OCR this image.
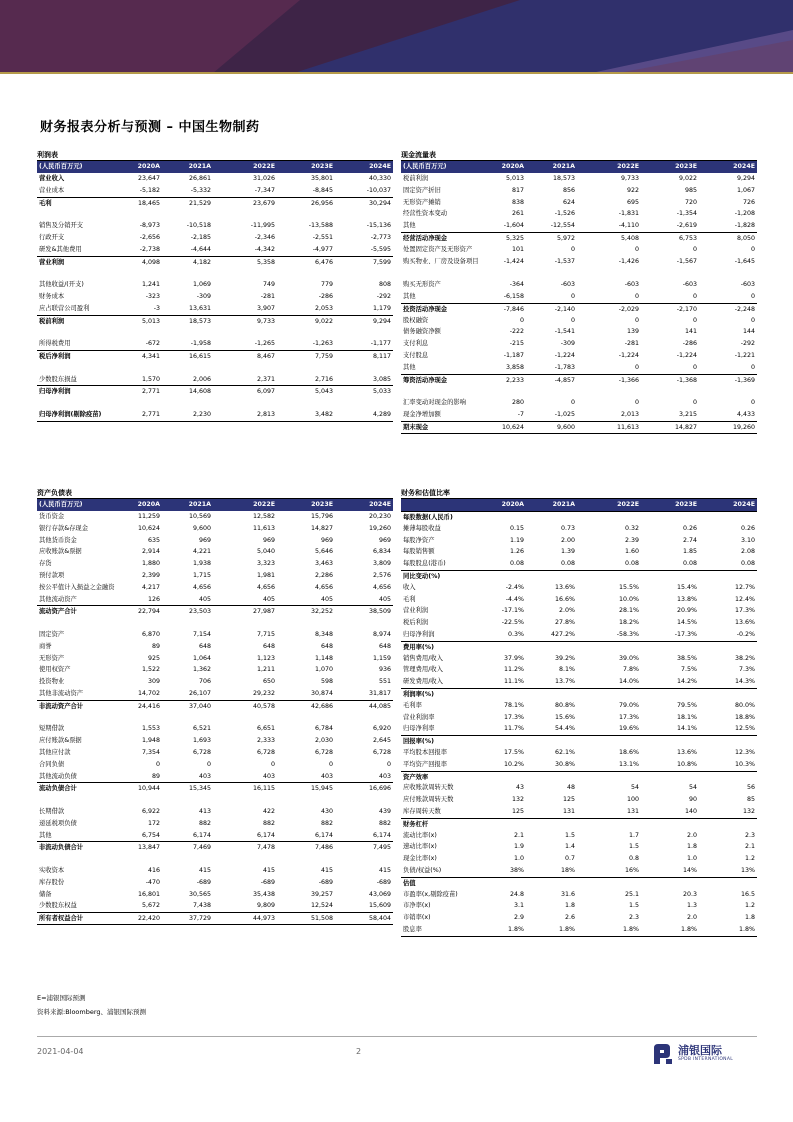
财务报表分析与预测 – 中国生物制药
利润表
(人民币百万元)	2020A	2021A	2022E	2023E	2024E
营业收入	23,647	26,861	31,026	35,801	40,330
营业成本	-5,182	-5,332	-7,347	-8,845	-10,037
毛利	18,465	21,529	23,679	26,956	30,294
销售及分销开支	-8,973	-10,518	-11,995	-13,588	-15,136
行政开支	-2,656	-2,185	-2,346	-2,551	-2,773
研发&其他费用	-2,738	-4,644	-4,342	-4,977	-5,595
营业利润	4,098	4,182	5,358	6,476	7,599
其他收益/(开支)	1,241	1,069	749	779	808
财务成本	-323	-309	-281	-286	-292
应占联营公司盈利	-3	13,631	3,907	2,053	1,179
税前利润	5,013	18,573	9,733	9,022	9,294
所得税费用	-672	-1,958	-1,265	-1,263	-1,177
税后净利润	4,341	16,615	8,467	7,759	8,117
少数股东损益	1,570	2,006	2,371	2,716	3,085
归母净利润	2,771	14,608	6,097	5,043	5,033
归母净利润(剔除疫苗)	2,771	2,230	2,813	3,482	4,289
现金流量表
(人民币百万元)	2020A	2021A	2022E	2023E	2024E
税前利润	5,013	18,573	9,733	9,022	9,294
固定资产折旧	817	856	922	985	1,067
无形资产摊销	838	624	695	720	726
经营性资本变动	261	-1,526	-1,831	-1,354	-1,208
其他	-1,604	-12,554	-4,110	-2,619	-1,828
经营活动净现金	5,325	5,972	5,408	6,753	8,050
处置固定资产及无形资产	101	0	0	0	0
购买物业、厂房及设备项目	-1,424	-1,537	-1,426	-1,567	-1,645
购买无形资产	-364	-603	-603	-603	-603
其他	-6,158	0	0	0	0
投资活动净现金	-7,846	-2,140	-2,029	-2,170	-2,248
股权融资	0	0	0	0	0
债务融资净额	-222	-1,541	139	141	144
支付利息	-215	-309	-281	-286	-292
支付股息	-1,187	-1,224	-1,224	-1,224	-1,221
其他	3,858	-1,783	0	0	0
筹资活动净现金	2,233	-4,857	-1,366	-1,368	-1,369
汇率变动对现金的影响	280	0	0	0	0
现金净增加额	-7	-1,025	2,013	3,215	4,433
期末现金	10,624	9,600	11,613	14,827	19,260
资产负债表
(人民币百万元)	2020A	2021A	2022E	2023E	2024E
货币资金	11,259	10,569	12,582	15,796	20,230
银行存款&存现金	10,624	9,600	11,613	14,827	19,260
其他货币资金	635	969	969	969	969
应收账款&票据	2,914	4,221	5,040	5,646	6,834
存货	1,880	1,938	3,323	3,463	3,809
预付款项	2,399	1,715	1,981	2,286	2,576
按公平值计入损益之金融资	4,217	4,656	4,656	4,656	4,656
其他流动资产	126	405	405	405	405
流动资产合计	22,794	23,503	27,987	32,252	38,509
固定资产	6,870	7,154	7,715	8,348	8,974
商誉	89	648	648	648	648
无形资产	925	1,064	1,123	1,148	1,159
使用权资产	1,522	1,362	1,211	1,070	936
投资物业	309	706	650	598	551
其他非流动资产	14,702	26,107	29,232	30,874	31,817
非流动资产合计	24,416	37,040	40,578	42,686	44,085
短期借款	1,553	6,521	6,651	6,784	6,920
应付账款&票据	1,948	1,693	2,333	2,030	2,645
其他应付款	7,354	6,728	6,728	6,728	6,728
合同负债	0	0	0	0	0
其他流动负债	89	403	403	403	403
流动负债合计	10,944	15,345	16,115	15,945	16,696
长期借款	6,922	413	422	430	439
递延税项负债	172	882	882	882	882
其他	6,754	6,174	6,174	6,174	6,174
非流动负债合计	13,847	7,469	7,478	7,486	7,495
实收资本	416	415	415	415	415
库存股份	-470	-689	-689	-689	-689
储备	16,801	30,565	35,438	39,257	43,069
少数股东权益	5,672	7,438	9,809	12,524	15,609
所有者权益合计	22,420	37,729	44,973	51,508	58,404
财务和估值比率
2020A	2021A	2022E	2023E	2024E
每股数据(人民币)
摊薄每股收益	0.15	0.73	0.32	0.26	0.26
每股净资产	1.19	2.00	2.39	2.74	3.10
每股销售额	1.26	1.39	1.60	1.85	2.08
每股股息(港币)	0.08	0.08	0.08	0.08	0.08
同比变动(%)
收入	-2.4%	13.6%	15.5%	15.4%	12.7%
毛利	-4.4%	16.6%	10.0%	13.8%	12.4%
营业利润	-17.1%	2.0%	28.1%	20.9%	17.3%
税后利润	-22.5%	27.8%	18.2%	14.5%	13.6%
归母净利润	0.3%	427.2%	-58.3%	-17.3%	-0.2%
费用率(%)
销售费用/收入	37.9%	39.2%	39.0%	38.5%	38.2%
管理费用/收入	11.2%	8.1%	7.8%	7.5%	7.3%
研发费用/收入	11.1%	13.7%	14.0%	14.2%	14.3%
利润率(%)
毛利率	78.1%	80.8%	79.0%	79.5%	80.0%
营业利润率	17.3%	15.6%	17.3%	18.1%	18.8%
归母净利率	11.7%	54.4%	19.6%	14.1%	12.5%
回报率(%)
平均股本回报率	17.5%	62.1%	18.6%	13.6%	12.3%
平均资产回报率	10.2%	30.8%	13.1%	10.8%	10.3%
资产效率
应收账款周转天数	43	48	54	54	56
应付账款周转天数	132	125	100	90	85
库存周转天数	125	131	131	140	132
财务杠杆
流动比率(x)	2.1	1.5	1.7	2.0	2.3
速动比率(x)	1.9	1.4	1.5	1.8	2.1
现金比率(x)	1.0	0.7	0.8	1.0	1.2
负债/权益(%)	38%	18%	16%	14%	13%
估值
市盈率(x,剔除疫苗)	24.8	31.6	25.1	20.3	16.5
市净率(x)	3.1	1.8	1.5	1.3	1.2
市销率(x)	2.9	2.6	2.3	2.0	1.8
股息率	1.8%	1.8%	1.8%	1.8%	1.8%
E=浦银国际预测
资料来源:Bloomberg、浦银国际预测
2021-04-04	2	浦银国际
SPDB INTERNATIONAL
